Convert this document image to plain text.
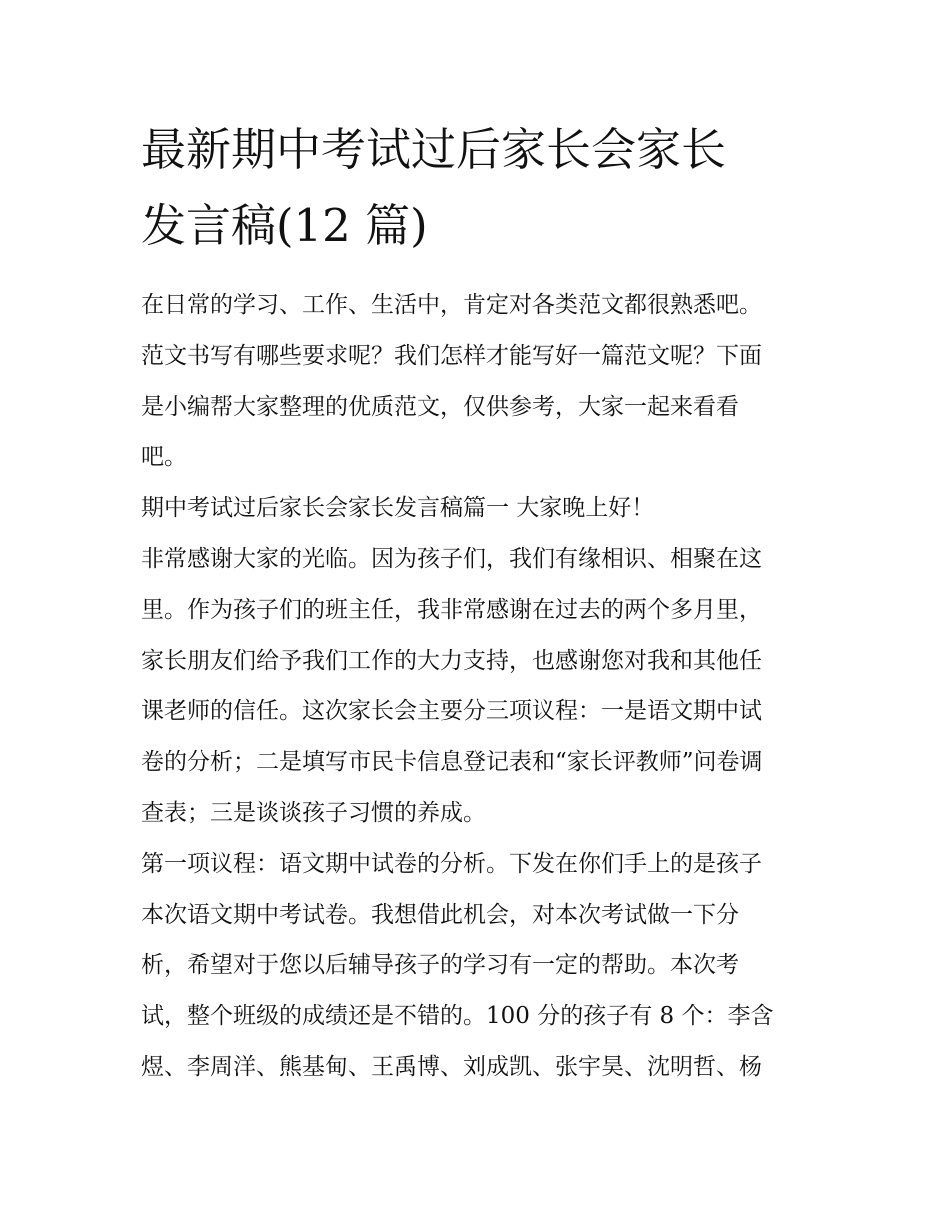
最新期中考试过后家长会家长
发言稿(12 篇)

在日常的学习、工作、生活中，肯定对各类范文都很熟悉吧。

范文书写有哪些要求呢？我们怎样才能写好一篇范文呢？下面

是小编帮大家整理的优质范文，仅供参考，大家一起来看看

吧。

期中考试过后家长会家长发言稿篇一 大家晚上好！

非常感谢大家的光临。因为孩子们，我们有缘相识、相聚在这

里。作为孩子们的班主任，我非常感谢在过去的两个多月里，

家长朋友们给予我们工作的大力支持，也感谢您对我和其他任

课老师的信任。这次家长会主要分三项议程：一是语文期中试

卷的分析；二是填写市民卡信息登记表和“家长评教师”问卷调

查表；三是谈谈孩子习惯的养成。

第一项议程：语文期中试卷的分析。下发在你们手上的是孩子

本次语文期中考试卷。我想借此机会，对本次考试做一下分

析，希望对于您以后辅导孩子的学习有一定的帮助。本次考

试，整个班级的成绩还是不错的。100 分的孩子有 8 个：李含

煜、李周洋、熊基甸、王禹博、刘成凯、张宇昊、沈明哲、杨
